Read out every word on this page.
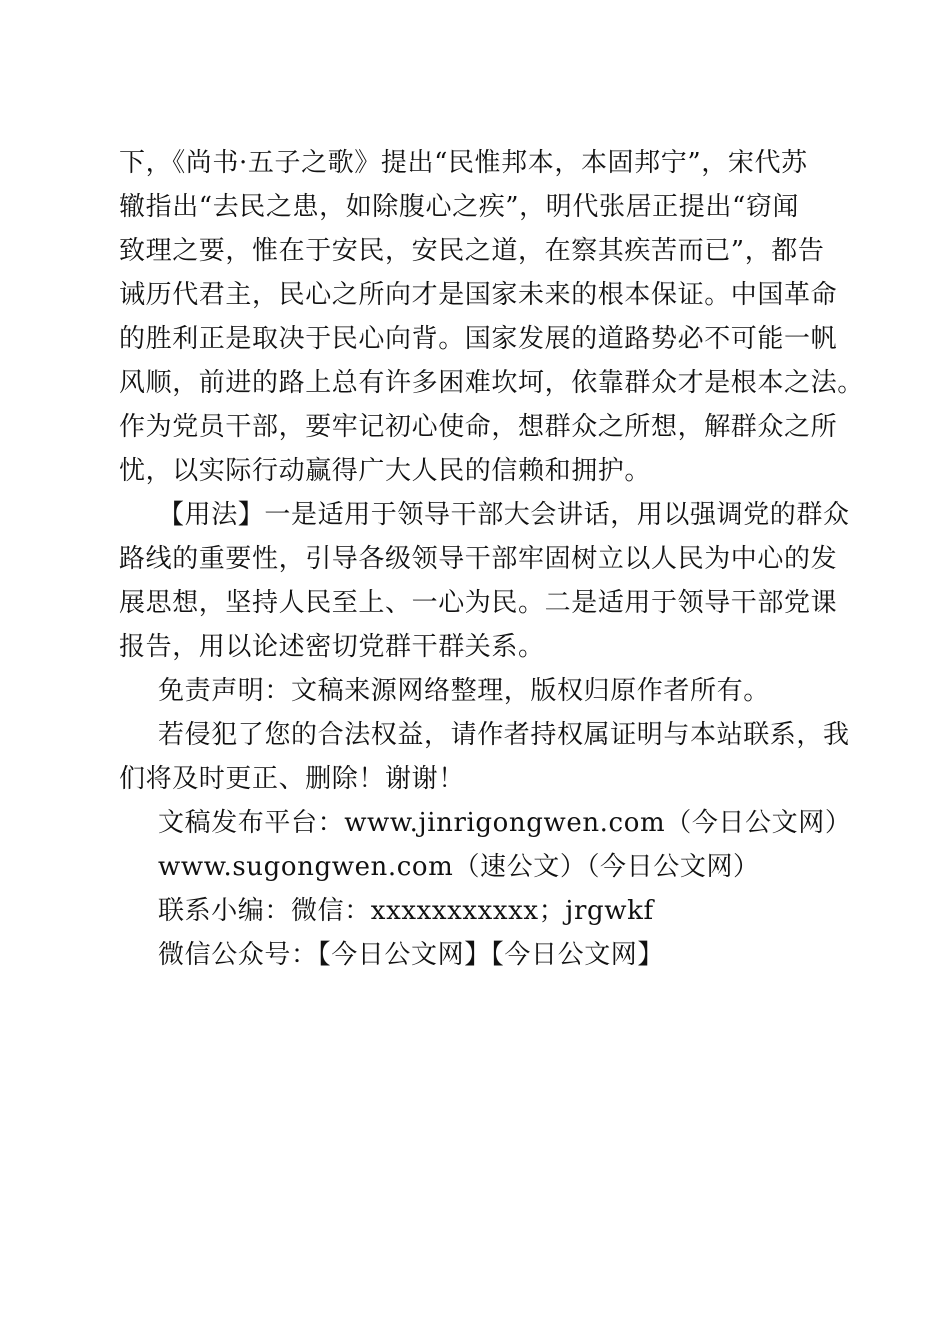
下，《尚书·五子之歌》提出“民惟邦本，本固邦宁”，宋代苏
辙指出“去民之患，如除腹心之疾”，明代张居正提出“窃闻
致理之要，惟在于安民，安民之道，在察其疾苦而已”，都告
诫历代君主，民心之所向才是国家未来的根本保证。中国革命
的胜利正是取决于民心向背。国家发展的道路势必不可能一帆
风顺，前进的路上总有许多困难坎坷，依靠群众才是根本之法。
作为党员干部，要牢记初心使命，想群众之所想，解群众之所
忧，以实际行动赢得广大人民的信赖和拥护。
【用法】一是适用于领导干部大会讲话，用以强调党的群众
路线的重要性，引导各级领导干部牢固树立以人民为中心的发
展思想，坚持人民至上、一心为民。二是适用于领导干部党课
报告，用以论述密切党群干群关系。
免责声明：文稿来源网络整理，版权归原作者所有。
若侵犯了您的合法权益，请作者持权属证明与本站联系，我
们将及时更正、删除！谢谢！
文稿发布平台：www.jinrigongwen.com（今日公文网）
www.sugongwen.com（速公文）（今日公文网）
联系小编：微信：xxxxxxxxxxx；jrgwkf
微信公众号：【今日公文网】【今日公文网】
